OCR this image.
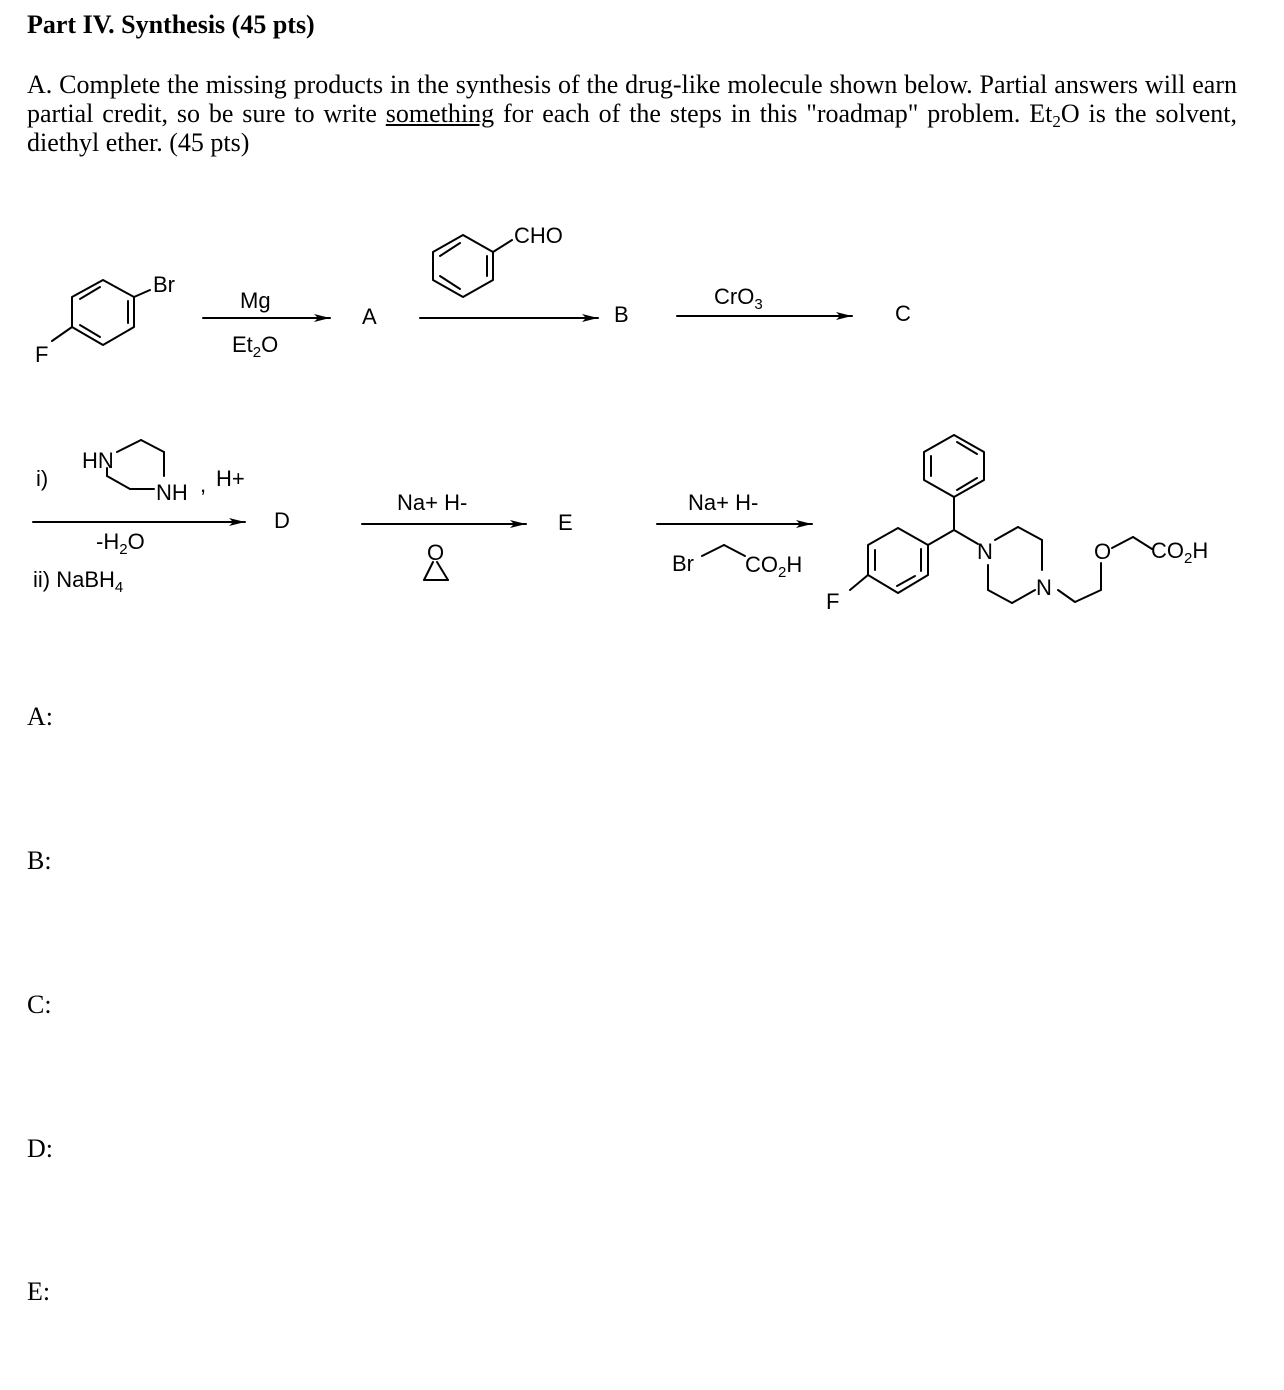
Part IV. Synthesis (45 pts)
A. Complete the missing products in the synthesis of the drug-like molecule shown below. Partial answers will earn partial credit, so be sure to write something for each of the steps in this "roadmap" problem. $Et_2O$ is the solvent, diethyl ether. (45 pts)
Br
F
Mg
$Et_2O$
A
CHO
B
CrO$_3$	C
i)
HN
NH , H+
$-H_2O$
ii) NaBH$_4$
D
Na+ H-
O
E
Na+ H-
Br $CO_2H$
N
N
O $CO_2H$
F
A:
B:
C:
D:
E:
